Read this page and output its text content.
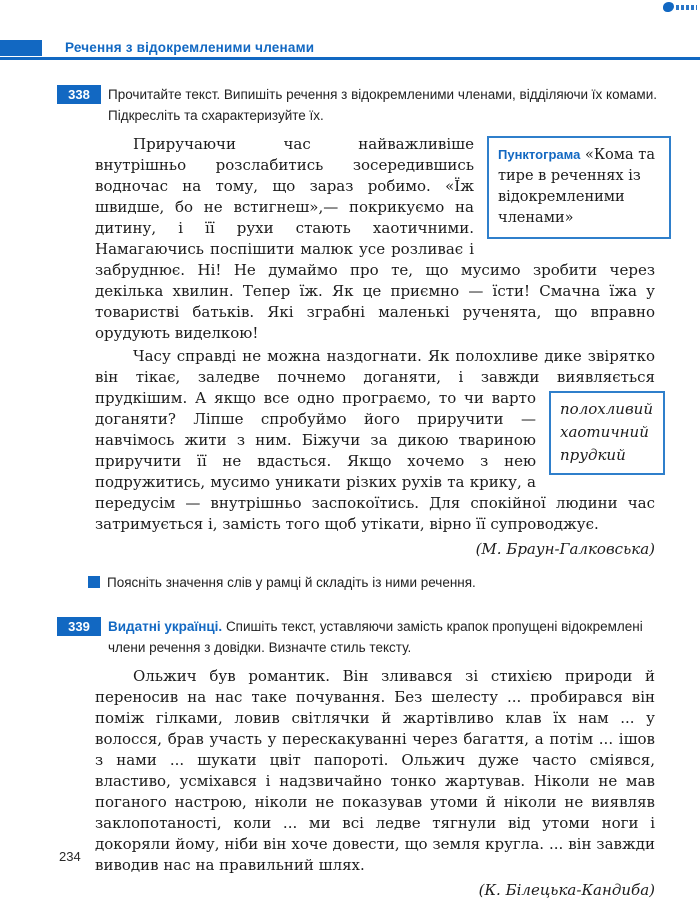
Речення з відокремленими членами
338	Прочитайте текст. Випишіть речення з відокремленими членами, відділяючи їх комами. Підкресліть та схарактеризуйте їх.

Пунктограма «Кома та тире в реченнях із відокремленими членами»
Приручаючи час найважливіше внутрішньо розслабитись зосередившись водночас на тому, що зараз робимо. «Їж швидше, бо не встигнеш»,— покрикуємо на дитину, і її рухи стають хаотичними. Намагаючись поспішити малюк усе розливає і забруднює. Ні! Не думаймо про те, що мусимо зробити через декілька хвилин. Тепер їж. Як це приємно — їсти! Смачна їжа у товаристві батьків. Які зграбні маленькі рученята, що вправно орудують виделкою!

Часу справді не можна наздогнати. Як полохливе дике звірятко він тікає, заледве почнемо доганяти, і завжди виявляється прудкішим.
полохливий
хаотичний
прудкий
А якщо все одно програємо, то чи варто доганяти? Ліпше спробуймо його приручити — навчімось жити з ним. Біжучи за дикою твариною приручити її не вдасться. Якщо хочемо з нею подружитись, мусимо уникати різких рухів та крику, а передусім — внутрішньо заспокоїтись. Для спокійної людини час затримується і, замість того щоб утікати, вірно її супроводжує.

(М. Браун-Галковська)

Поясніть значення слів у рамці й складіть із ними речення.

339	Видатні українці. Спишіть текст, уставляючи замість крапок пропущені відокремлені члени речення з довідки. Визначте стиль тексту.

Ольжич був романтик. Він зливався зі стихією природи й переносив на нас таке почування. Без шелесту ... пробирався він поміж гілками, ловив світлячки й жартівливо клав їх нам ... у волосся, брав участь у перескакуванні через багаття, а потім ... ішов з нами ... шукати цвіт папороті. Ольжич дуже часто сміявся, властиво, усміхався і надзвичайно тонко жартував. Ніколи не мав поганого настрою, ніколи не показував утоми й ніколи не виявляв заклопотаності, коли ... ми всі ледве тягнули від утоми ноги і докоряли йому, ніби він хоче довести, що земля кругла. ... він завжди виводив нас на правильний шлях.

(К. Білецька-Кандиба)

234
